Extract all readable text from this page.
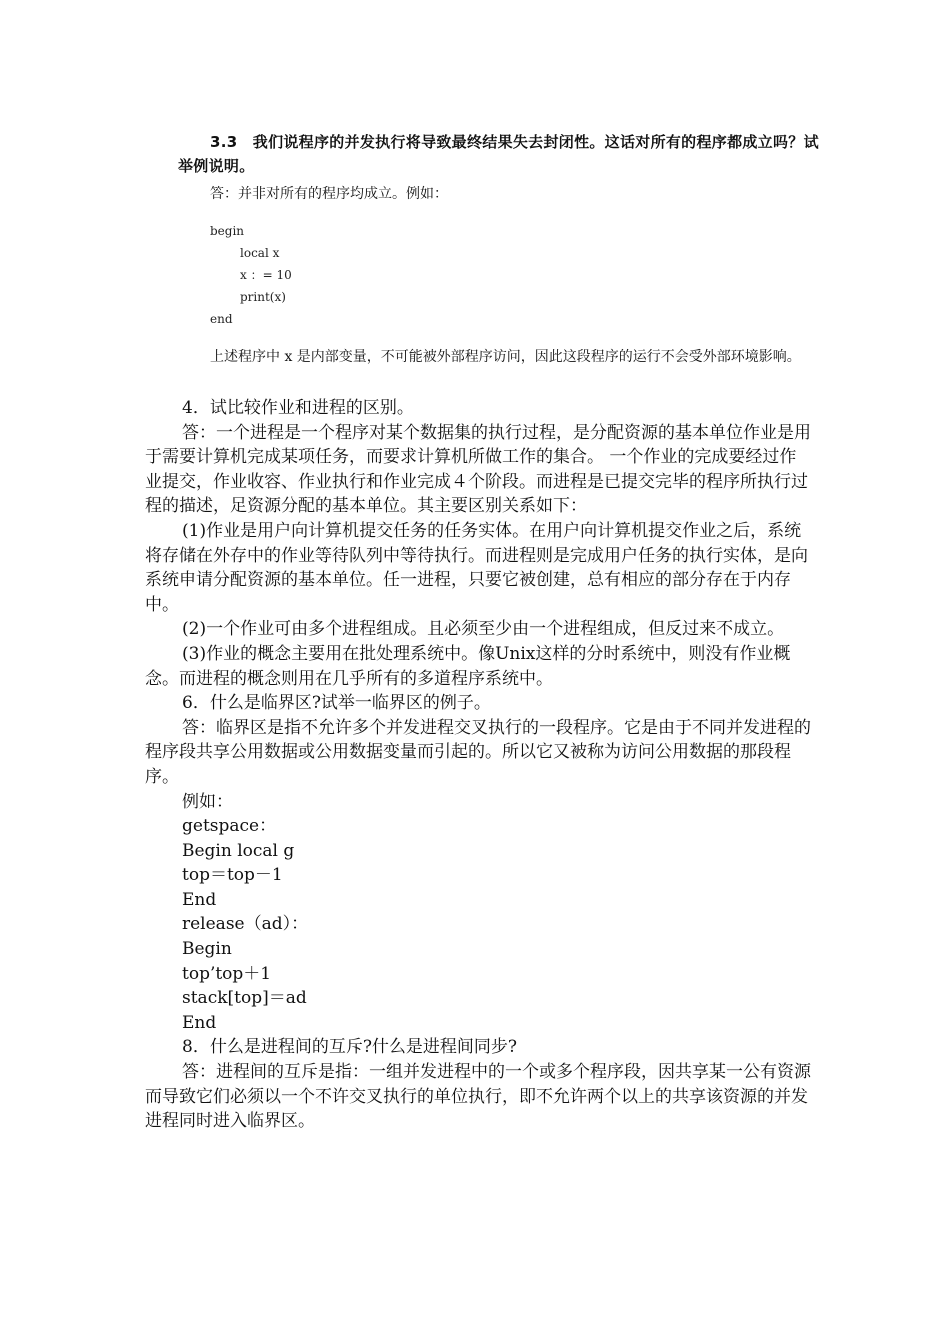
3.3　我们说程序的并发执行将导致最终结果失去封闭性。这话对所有的程序都成立吗？试举例说明。

答：并非对所有的程序均成立。例如：

begin
local x
x ：= 10
print(x)
end

上述程序中 x 是内部变量，不可能被外部程序访问，因此这段程序的运行不会受外部环境影响。

4．试比较作业和进程的区别。

答：一个进程是一个程序对某个数据集的执行过程，是分配资源的基本单位作业是用于需要计算机完成某项任务，而要求计算机所做工作的集合。 一个作业的完成要经过作业提交，作业收容、作业执行和作业完成４个阶段。而进程是已提交完毕的程序所执行过程的描述，足资源分配的基本单位。其主要区别关系如下：

(1)作业是用户向计算机提交任务的任务实体。在用户向计算机提交作业之后，系统将存储在外存中的作业等待队列中等待执行。而进程则是完成用户任务的执行实体，是向系统申请分配资源的基本单位。任一进程，只要它被创建，总有相应的部分存在于内存中。

(2)一个作业可由多个进程组成。且必须至少由一个进程组成，但反过来不成立。

(3)作业的概念主要用在批处理系统中。像Unix这样的分时系统中，则没有作业概念。而进程的概念则用在几乎所有的多道程序系统中。

6．什么是临界区?试举一临界区的例子。

答：临界区是指不允许多个并发进程交叉执行的一段程序。它是由于不同并发进程的程序段共享公用数据或公用数据变量而引起的。所以它又被称为访问公用数据的那段程序。

例如：

getspace：

Begin local g

top＝top－1

End

release（ad）：

Begin

top’top＋1

stack[top]＝ad

End

8．什么是进程间的互斥?什么是进程间同步?

答：进程间的互斥是指：一组并发进程中的一个或多个程序段，因共享某一公有资源而导致它们必须以一个不许交叉执行的单位执行，即不允许两个以上的共享该资源的并发进程同时进入临界区。
